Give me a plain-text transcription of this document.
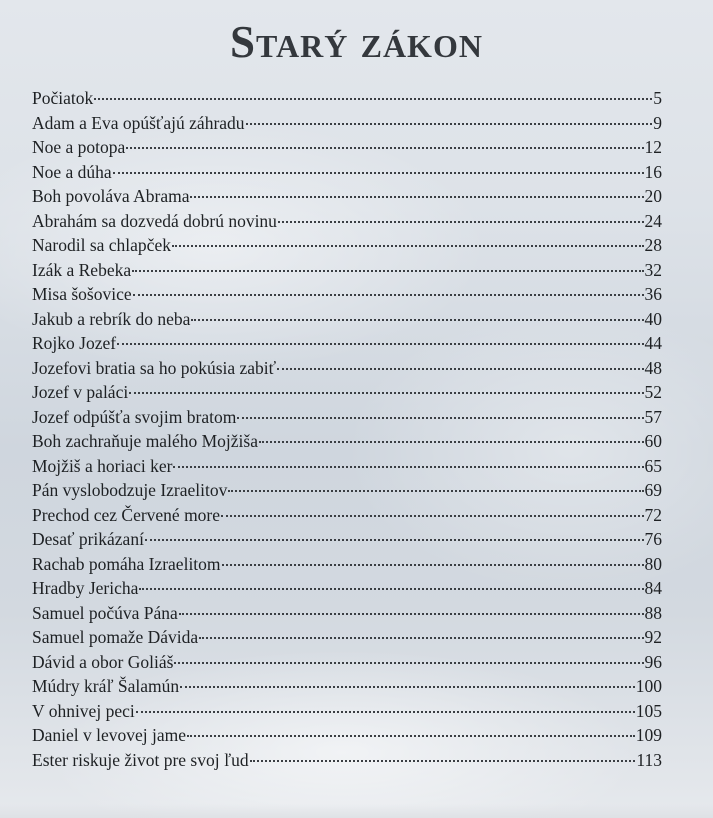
Starý zákon
Počiatok	5
Adam a Eva opúšťajú záhradu	9
Noe a potopa	12
Noe a dúha	16
Boh povoláva Abrama	20
Abrahám sa dozvedá dobrú novinu	24
Narodil sa chlapček	28
Izák a Rebeka	32
Misa šošovice	36
Jakub a rebrík do neba	40
Rojko Jozef	44
Jozefovi bratia sa ho pokúsia zabiť	48
Jozef v paláci	52
Jozef odpúšťa svojim bratom	57
Boh zachraňuje malého Mojžiša	60
Mojžiš a horiaci ker	65
Pán vyslobodzuje Izraelitov	69
Prechod cez Červené more	72
Desať prikázaní	76
Rachab pomáha Izraelitom	80
Hradby Jericha	84
Samuel počúva Pána	88
Samuel pomaže Dávida	92
Dávid a obor Goliáš	96
Múdry kráľ Šalamún	100
V ohnivej peci	105
Daniel v levovej jame	109
Ester riskuje život pre svoj ľud	113
